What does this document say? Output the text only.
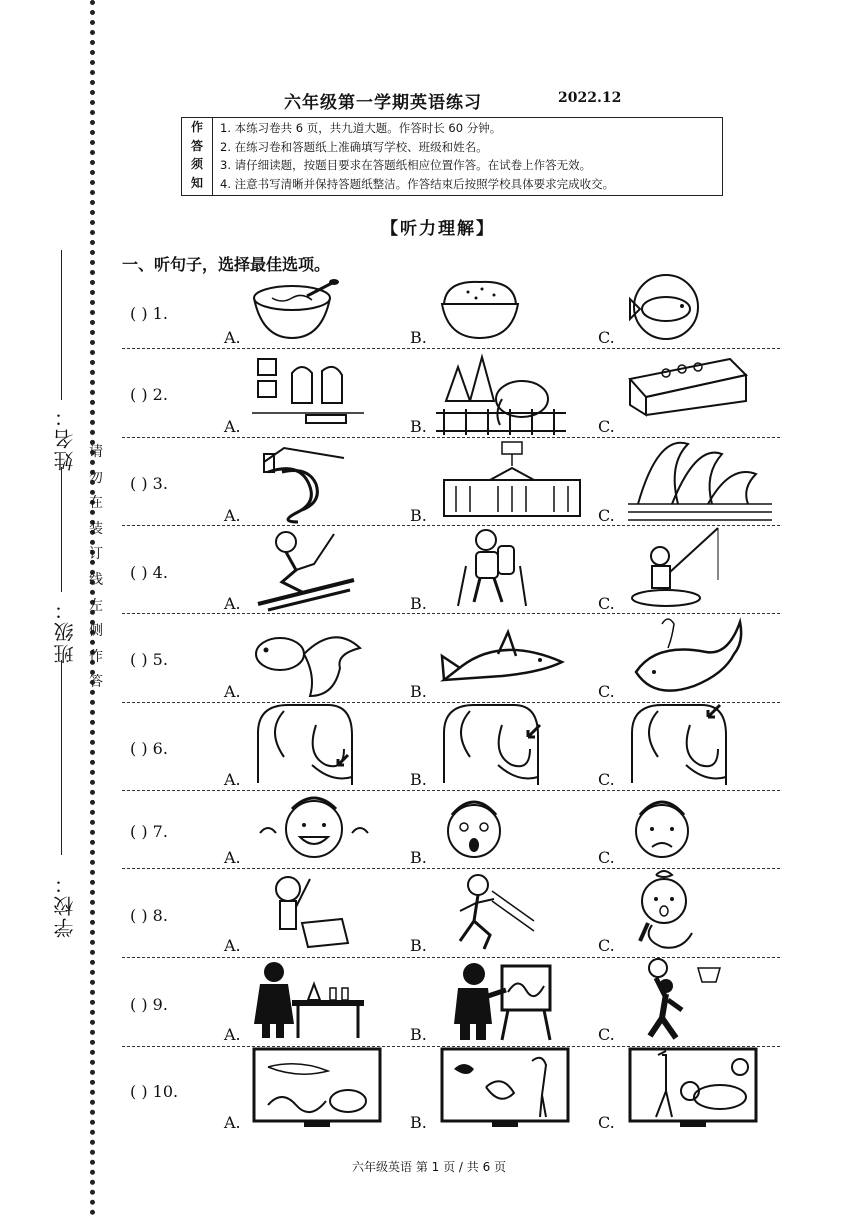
姓名：
班级：
学校：
请
勿
在
装
订
线
左
侧
作
答
六年级第一学期英语练习	2022.12
作
答
须
知
1. 本练习卷共 6 页，共九道大题。作答时长 60 分钟。
2. 在练习卷和答题纸上准确填写学校、班级和姓名。
3. 请仔细读题，按题目要求在答题纸相应位置作答。在试卷上作答无效。
4. 注意书写清晰并保持答题纸整洁。作答结束后按照学校具体要求完成收交。
【听力理解】
一、听句子，选择最佳选项。
( ) 1.
A.	B.	C.
( ) 2.
A.	B.	C.
( ) 3.
A.	B.	C.
( ) 4.
A.	B.	C.
( ) 5.
A.	B.	C.
( ) 6.
A.	B.	C.
( ) 7.
A.	B.	C.
( ) 8.
A.	B.	C.
( ) 9.
A.	B.	C.
( ) 10.
A.	B.	C.
六年级英语 第 1 页 / 共 6 页
